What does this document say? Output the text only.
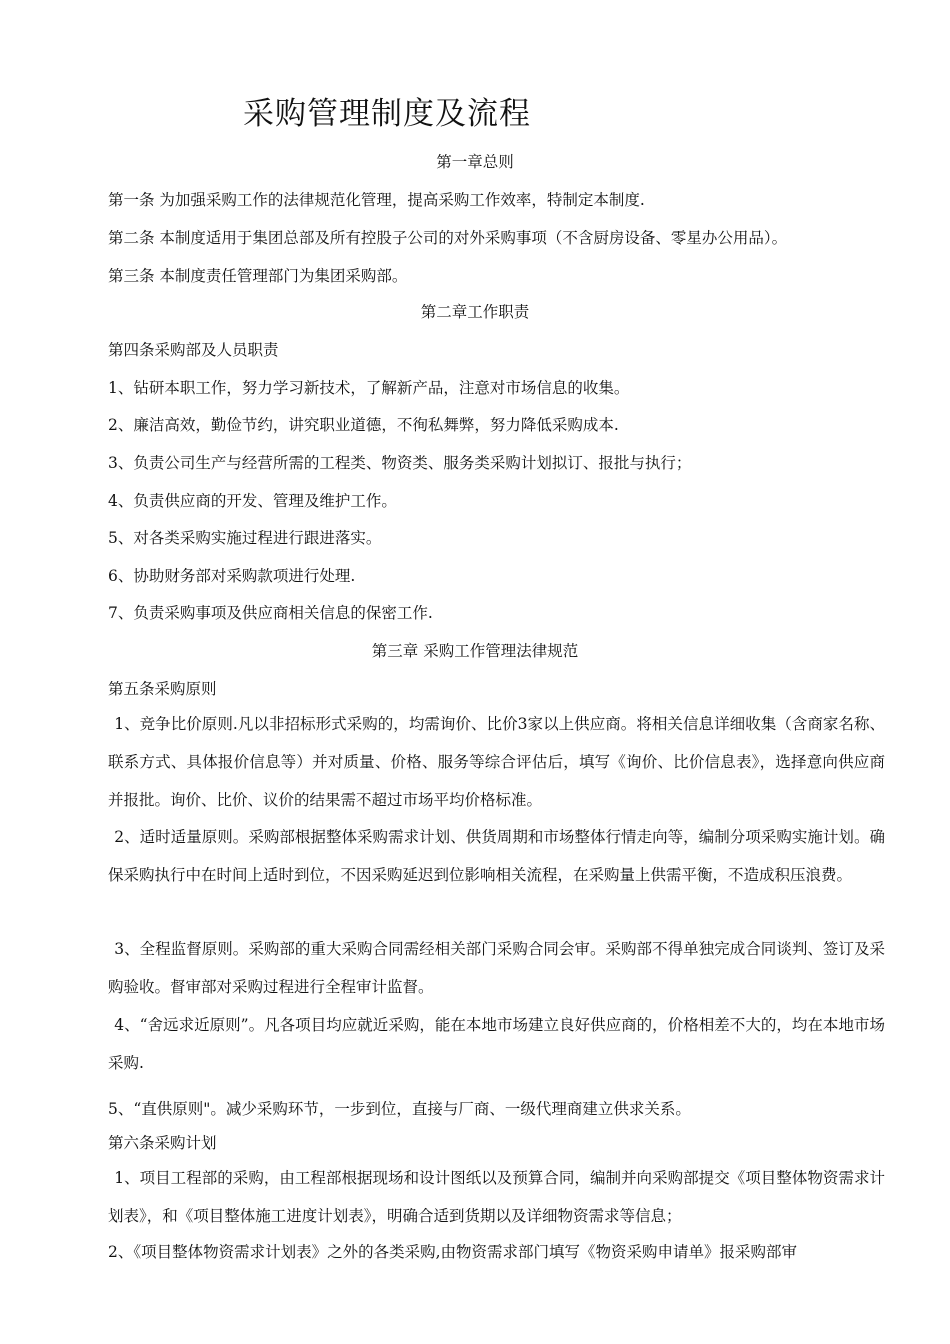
采购管理制度及流程
第一章总则
第一条 为加强采购工作的法律规范化管理，提高采购工作效率，特制定本制度.
第二条 本制度适用于集团总部及所有控股子公司的对外采购事项（不含厨房设备、零星办公用品）。
第三条 本制度责任管理部门为集团采购部。
第二章工作职责
第四条采购部及人员职责
1、钻研本职工作，努力学习新技术，了解新产品，注意对市场信息的收集。
2、廉洁高效，勤俭节约，讲究职业道德，不徇私舞弊，努力降低采购成本.
3、负责公司生产与经营所需的工程类、物资类、服务类采购计划拟订、报批与执行；
4、负责供应商的开发、管理及维护工作。
5、对各类采购实施过程进行跟进落实。
6、协助财务部对采购款项进行处理.
7、负责采购事项及供应商相关信息的保密工作.
第三章 采购工作管理法律规范
第五条采购原则
1、竞争比价原则.凡以非招标形式采购的，均需询价、比价3家以上供应商。将相关信息详细收集（含商家名称、联系方式、具体报价信息等）并对质量、价格、服务等综合评估后，填写《询价、比价信息表》，选择意向供应商并报批。询价、比价、议价的结果需不超过市场平均价格标准。
2、适时适量原则。采购部根据整体采购需求计划、供货周期和市场整体行情走向等，编制分项采购实施计划。确保采购执行中在时间上适时到位，不因采购延迟到位影响相关流程，在采购量上供需平衡，不造成积压浪费。
3、全程监督原则。采购部的重大采购合同需经相关部门采购合同会审。采购部不得单独完成合同谈判、签订及采购验收。督审部对采购过程进行全程审计监督。
4、“舍远求近原则”。凡各项目均应就近采购，能在本地市场建立良好供应商的，价格相差不大的，均在本地市场采购.
5、“直供原则"。减少采购环节，一步到位，直接与厂商、一级代理商建立供求关系。
第六条采购计划
1、项目工程部的采购，由工程部根据现场和设计图纸以及预算合同，编制并向采购部提交《项目整体物资需求计划表》，和《项目整体施工进度计划表》，明确合适到货期以及详细物资需求等信息；
2、《项目整体物资需求计划表》之外的各类采购,由物资需求部门填写《物资采购申请单》报采购部审
